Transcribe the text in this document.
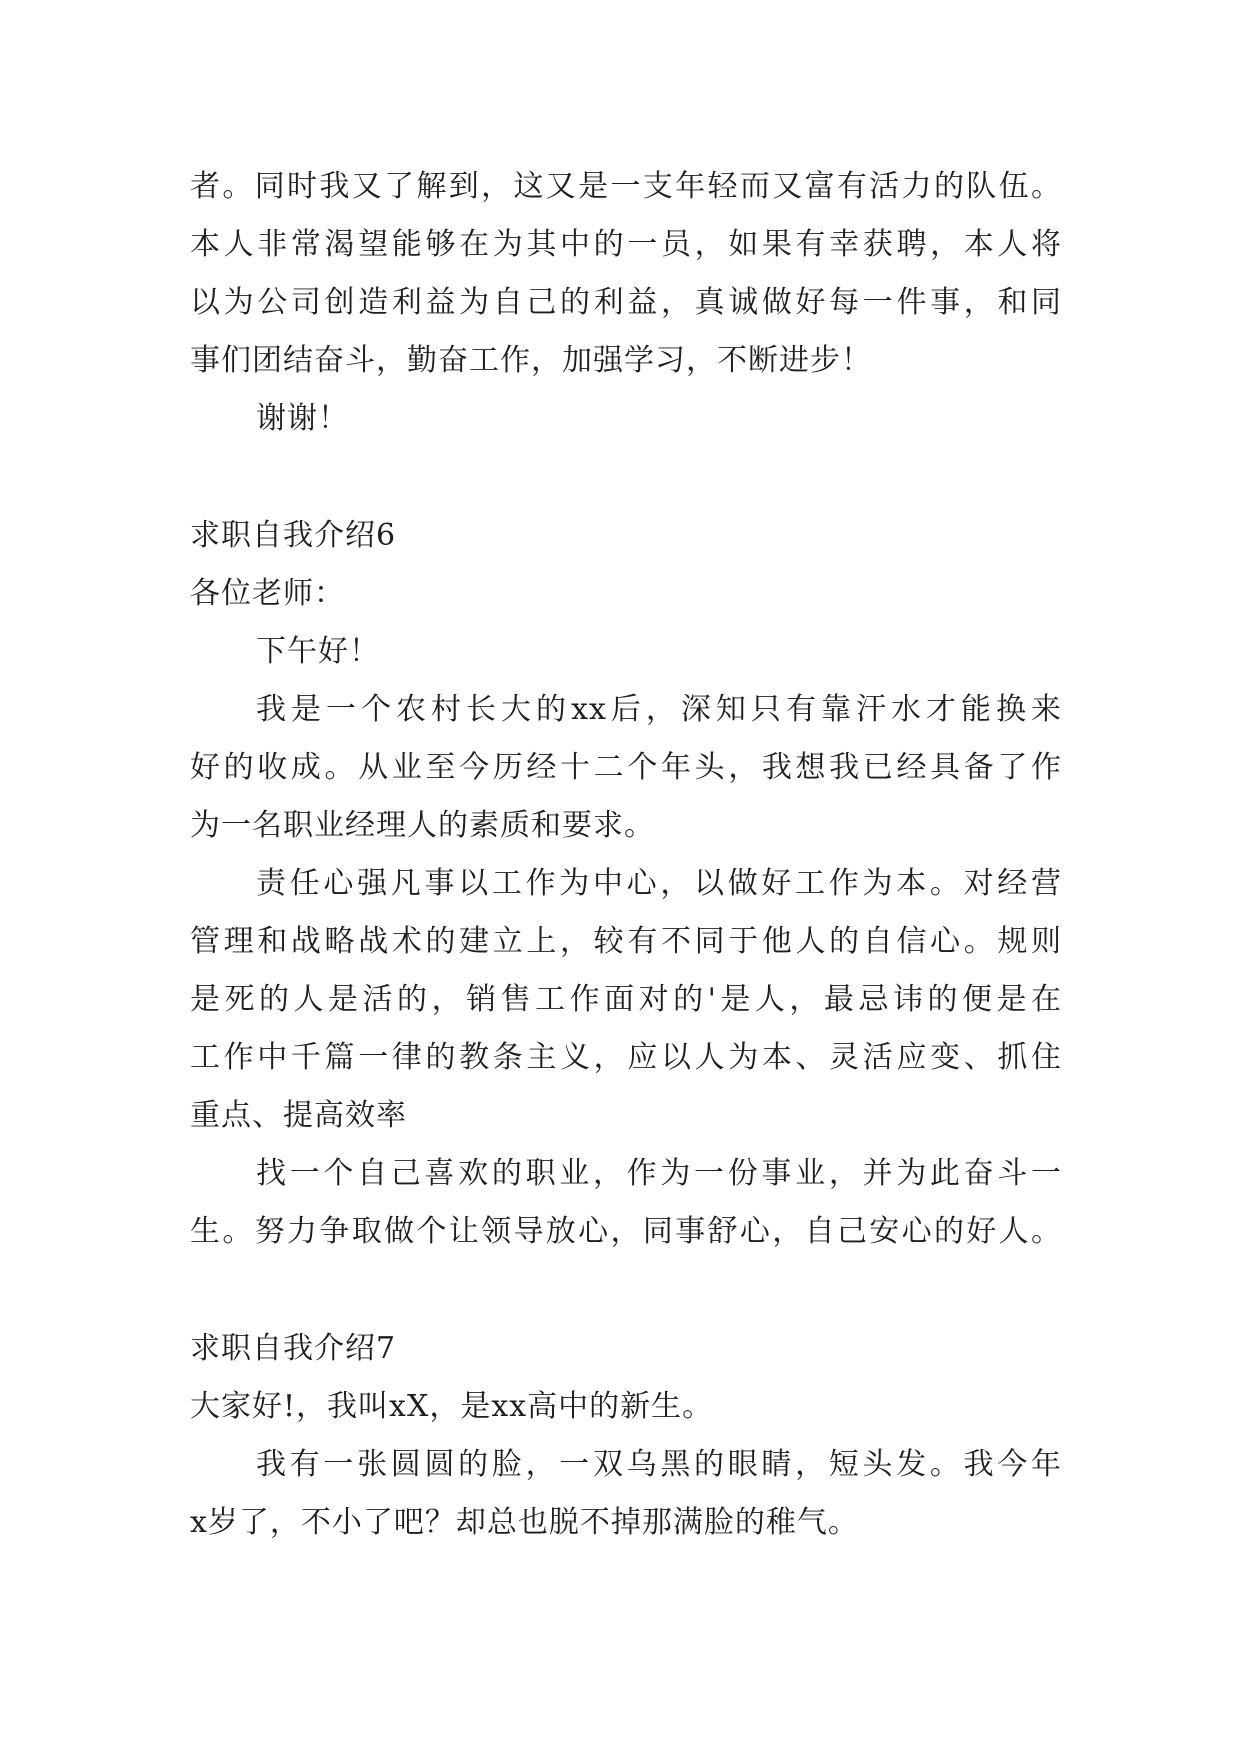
者。同时我又了解到，这又是一支年轻而又富有活力的队伍。
本人非常渴望能够在为其中的一员，如果有幸获聘，本人将
以为公司创造利益为自己的利益，真诚做好每一件事，和同
事们团结奋斗，勤奋工作，加强学习，不断进步！
谢谢！
求职自我介绍6
各位老师：
下午好！
我是一个农村长大的xx后，深知只有靠汗水才能换来
好的收成。从业至今历经十二个年头，我想我已经具备了作
为一名职业经理人的素质和要求。
责任心强凡事以工作为中心，以做好工作为本。对经营
管理和战略战术的建立上，较有不同于他人的自信心。规则
是死的人是活的，销售工作面对的'是人，最忌讳的便是在
工作中千篇一律的教条主义，应以人为本、灵活应变、抓住
重点、提高效率
找一个自己喜欢的职业，作为一份事业，并为此奋斗一
生。努力争取做个让领导放心，同事舒心，自己安心的好人。
求职自我介绍7
大家好!，我叫xX，是xx高中的新生。
我有一张圆圆的脸，一双乌黑的眼睛，短头发。我今年
x岁了，不小了吧？却总也脱不掉那满脸的稚气。
